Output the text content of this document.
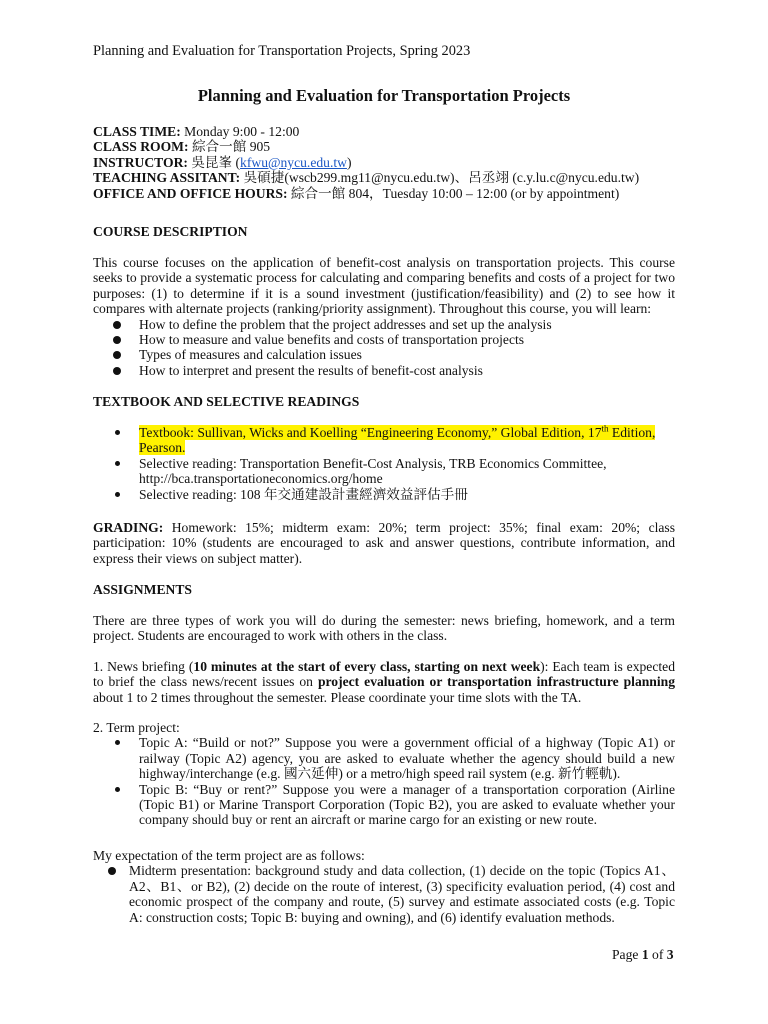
Planning and Evaluation for Transportation Projects, Spring 2023
Planning and Evaluation for Transportation Projects
CLASS TIME: Monday 9:00 - 12:00
CLASS ROOM: 綜合一館 905
INSTRUCTOR: 吳昆峯 (kfwu@nycu.edu.tw)
TEACHING ASSITANT: 吳碩捷(wscb299.mg11@nycu.edu.tw)、呂丞翊 (c.y.lu.c@nycu.edu.tw)
OFFICE AND OFFICE HOURS: 綜合一館 804，Tuesday 10:00 – 12:00 (or by appointment)
COURSE DESCRIPTION
This course focuses on the application of benefit-cost analysis on transportation projects. This course seeks to provide a systematic process for calculating and comparing benefits and costs of a project for two purposes: (1) to determine if it is a sound investment (justification/feasibility) and (2) to see how it compares with alternate projects (ranking/priority assignment). Throughout this course, you will learn:
How to define the problem that the project addresses and set up the analysis
How to measure and value benefits and costs of transportation projects
Types of measures and calculation issues
How to interpret and present the results of benefit-cost analysis
TEXTBOOK AND SELECTIVE READINGS
Textbook: Sullivan, Wicks and Koelling “Engineering Economy,” Global Edition, 17th Edition, Pearson.
Selective reading: Transportation Benefit-Cost Analysis, TRB Economics Committee, http://bca.transportationeconomics.org/home
Selective reading: 108 年交通建設計畫經濟效益評估手冊
GRADING: Homework: 15%; midterm exam: 20%; term project: 35%; final exam: 20%; class participation: 10% (students are encouraged to ask and answer questions, contribute information, and express their views on subject matter).
ASSIGNMENTS
There are three types of work you will do during the semester: news briefing, homework, and a term project. Students are encouraged to work with others in the class.
1. News briefing (10 minutes at the start of every class, starting on next week): Each team is expected to brief the class news/recent issues on project evaluation or transportation infrastructure planning about 1 to 2 times throughout the semester. Please coordinate your time slots with the TA.
2. Term project:
Topic A: “Build or not?” Suppose you were a government official of a highway (Topic A1) or railway (Topic A2) agency, you are asked to evaluate whether the agency should build a new highway/interchange (e.g. 國六延伸) or a metro/high speed rail system (e.g. 新竹輕軌).
Topic B: “Buy or rent?” Suppose you were a manager of a transportation corporation (Airline (Topic B1) or Marine Transport Corporation (Topic B2), you are asked to evaluate whether your company should buy or rent an aircraft or marine cargo for an existing or new route.
My expectation of the term project are as follows:
Midterm presentation: background study and data collection, (1) decide on the topic (Topics A1、A2、B1、or B2), (2) decide on the route of interest, (3) specificity evaluation period, (4) cost and economic prospect of the company and route, (5) survey and estimate associated costs (e.g. Topic A: construction costs; Topic B: buying and owning), and (6) identify evaluation methods.
Page 1 of 3
